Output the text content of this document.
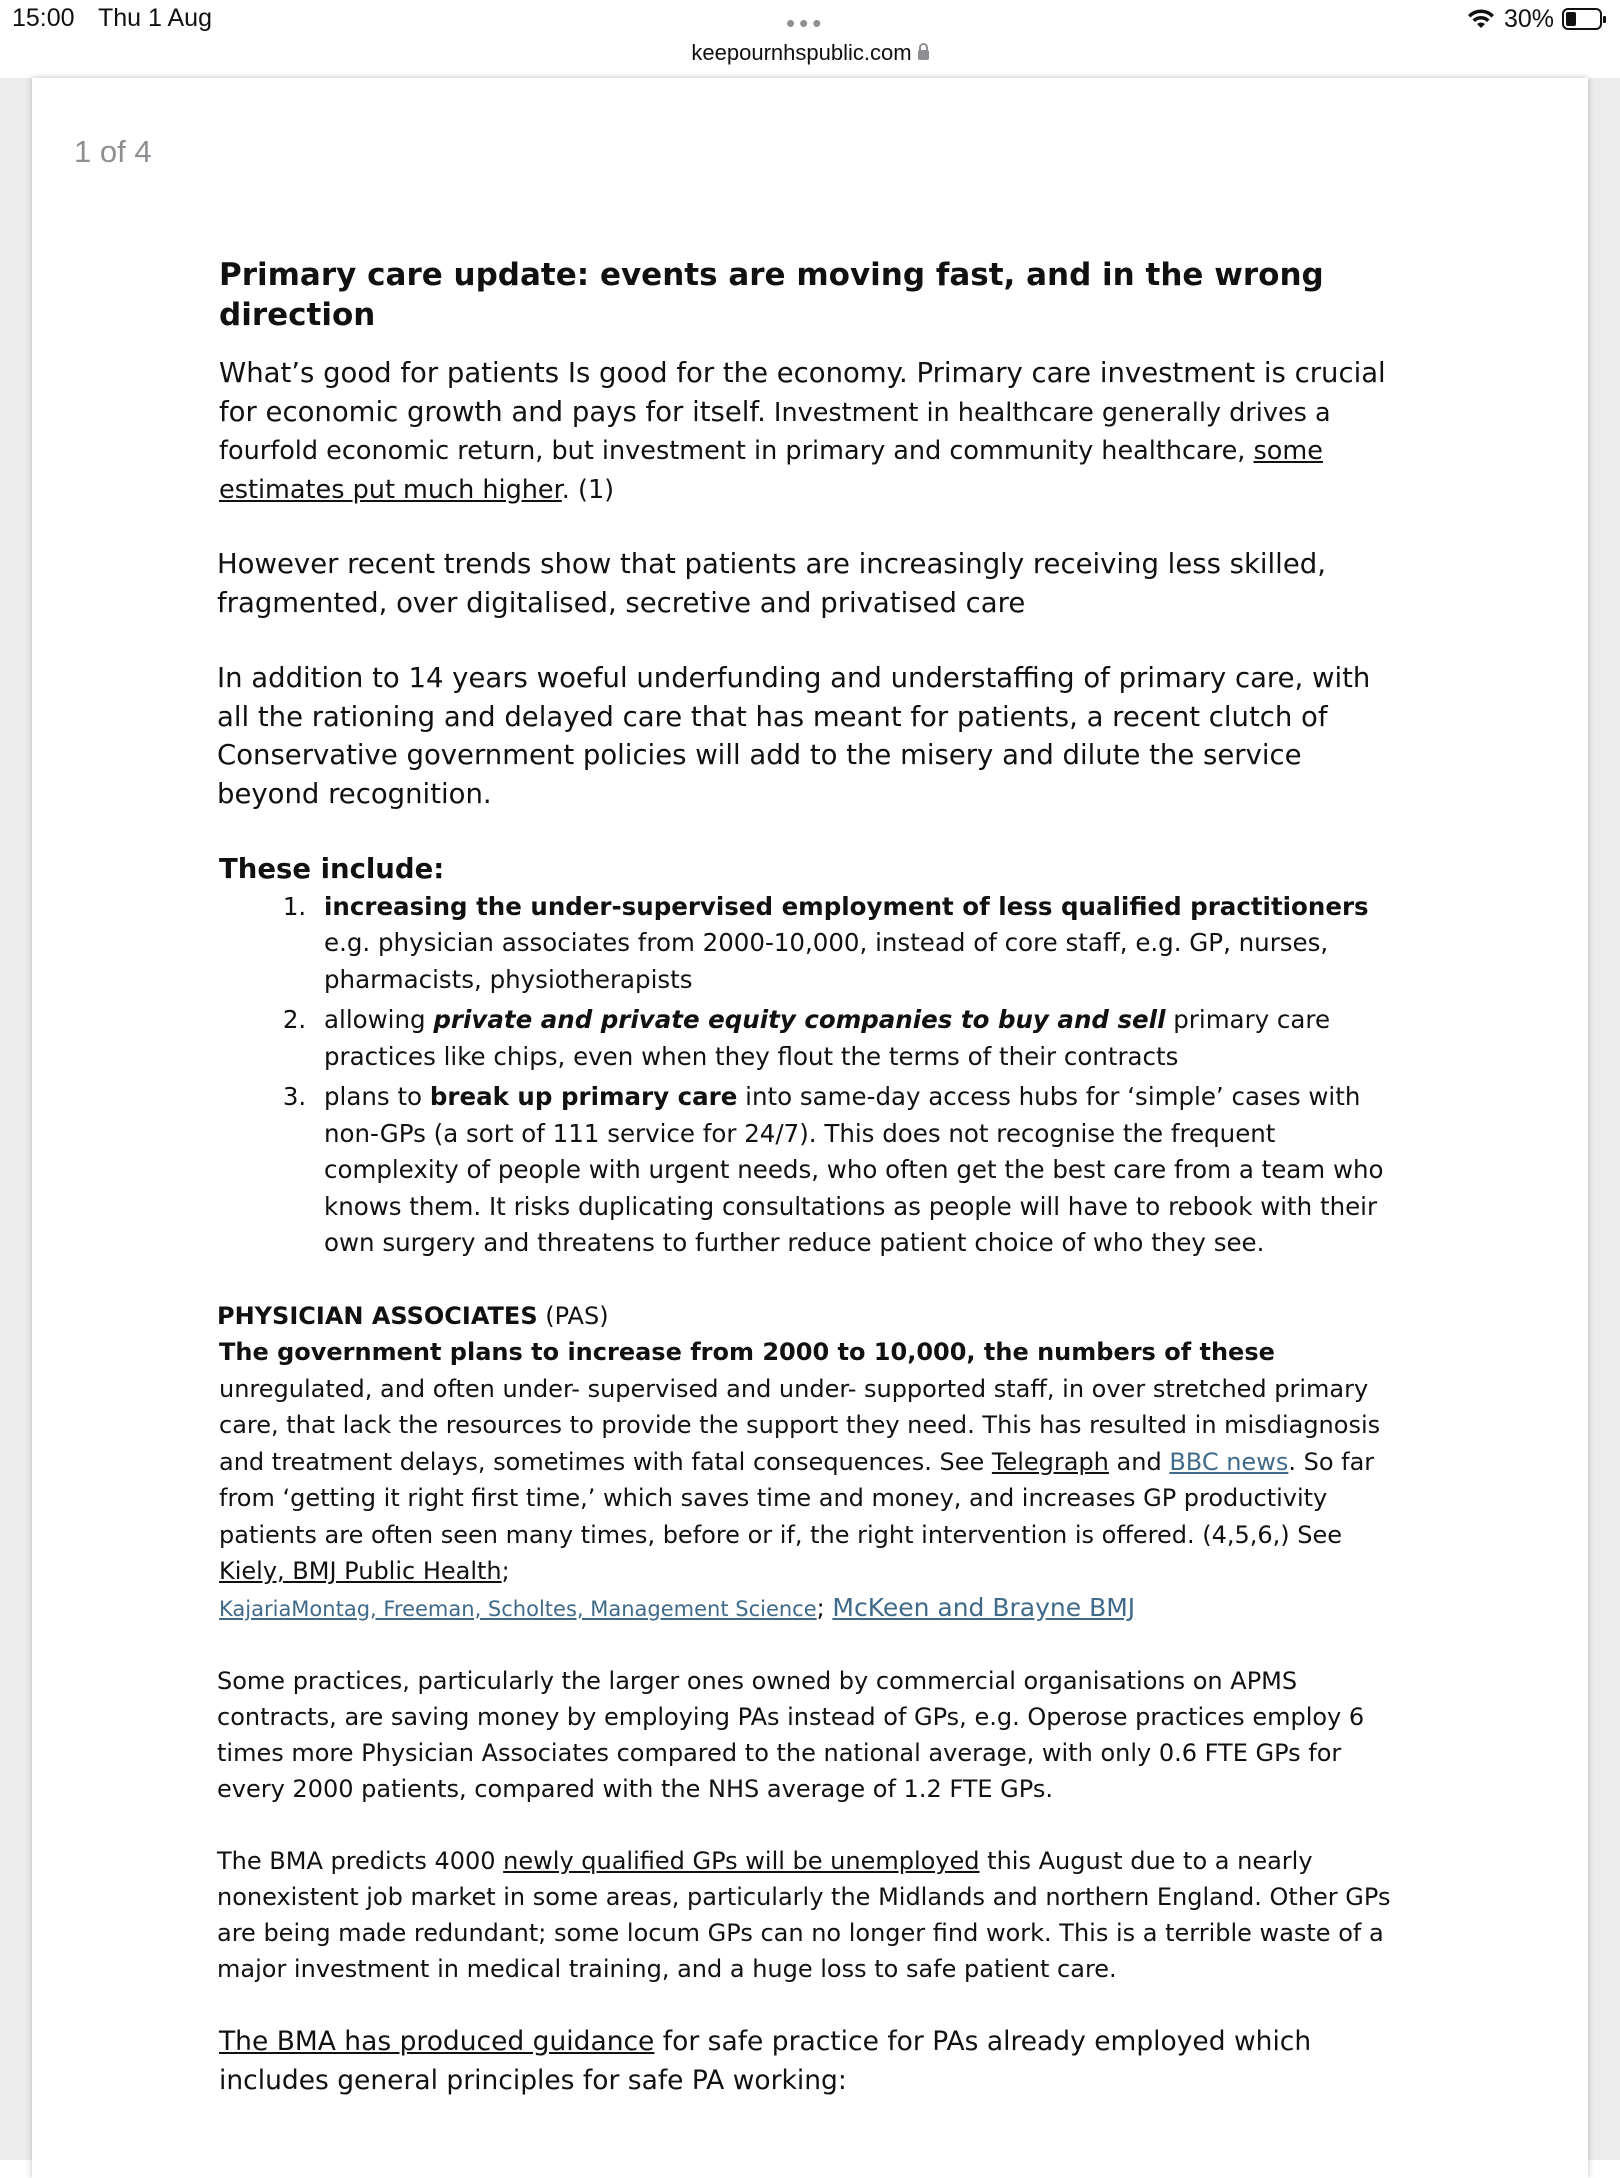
15:00 Thu 1 Aug	•••	30%
keepournhspublic.com
1 of 4

Primary care update: events are moving fast, and in the wrong direction

What’s good for patients Is good for the economy. Primary care investment is crucial for economic growth and pays for itself. Investment in healthcare generally drives a fourfold economic return, but investment in primary and community healthcare, some estimates put much higher. (1)

However recent trends show that patients are increasingly receiving less skilled, fragmented, over digitalised, secretive and privatised care

In addition to 14 years woeful underfunding and understaffing of primary care, with all the rationing and delayed care that has meant for patients, a recent clutch of Conservative government policies will add to the misery and dilute the service beyond recognition.

These include:

1. increasing the under-supervised employment of less qualified practitioners e.g. physician associates from 2000-10,000, instead of core staff, e.g. GP, nurses, pharmacists, physiotherapists
2. allowing private and private equity companies to buy and sell primary care practices like chips, even when they flout the terms of their contracts
3. plans to break up primary care into same-day access hubs for ‘simple’ cases with non-GPs (a sort of 111 service for 24/7). This does not recognise the frequent complexity of people with urgent needs, who often get the best care from a team who knows them. It risks duplicating consultations as people will have to rebook with their own surgery and threatens to further reduce patient choice of who they see.

PHYSICIAN ASSOCIATES (PAS)

The government plans to increase from 2000 to 10,000, the numbers of these unregulated, and often under- supervised and under- supported staff, in over stretched primary care, that lack the resources to provide the support they need. This has resulted in misdiagnosis and treatment delays, sometimes with fatal consequences. See Telegraph and BBC news. So far from ‘getting it right first time,’ which saves time and money, and increases GP productivity patients are often seen many times, before or if, the right intervention is offered. (4,5,6,) See Kiely, BMJ Public Health;
KajariaMontag, Freeman, Scholtes, Management Science; McKeen and Brayne BMJ

Some practices, particularly the larger ones owned by commercial organisations on APMS contracts, are saving money by employing PAs instead of GPs, e.g. Operose practices employ 6 times more Physician Associates compared to the national average, with only 0.6 FTE GPs for every 2000 patients, compared with the NHS average of 1.2 FTE GPs.

The BMA predicts 4000 newly qualified GPs will be unemployed this August due to a nearly nonexistent job market in some areas, particularly the Midlands and northern England. Other GPs are being made redundant; some locum GPs can no longer find work. This is a terrible waste of a major investment in medical training, and a huge loss to safe patient care.

The BMA has produced guidance for safe practice for PAs already employed which includes general principles for safe PA working:
